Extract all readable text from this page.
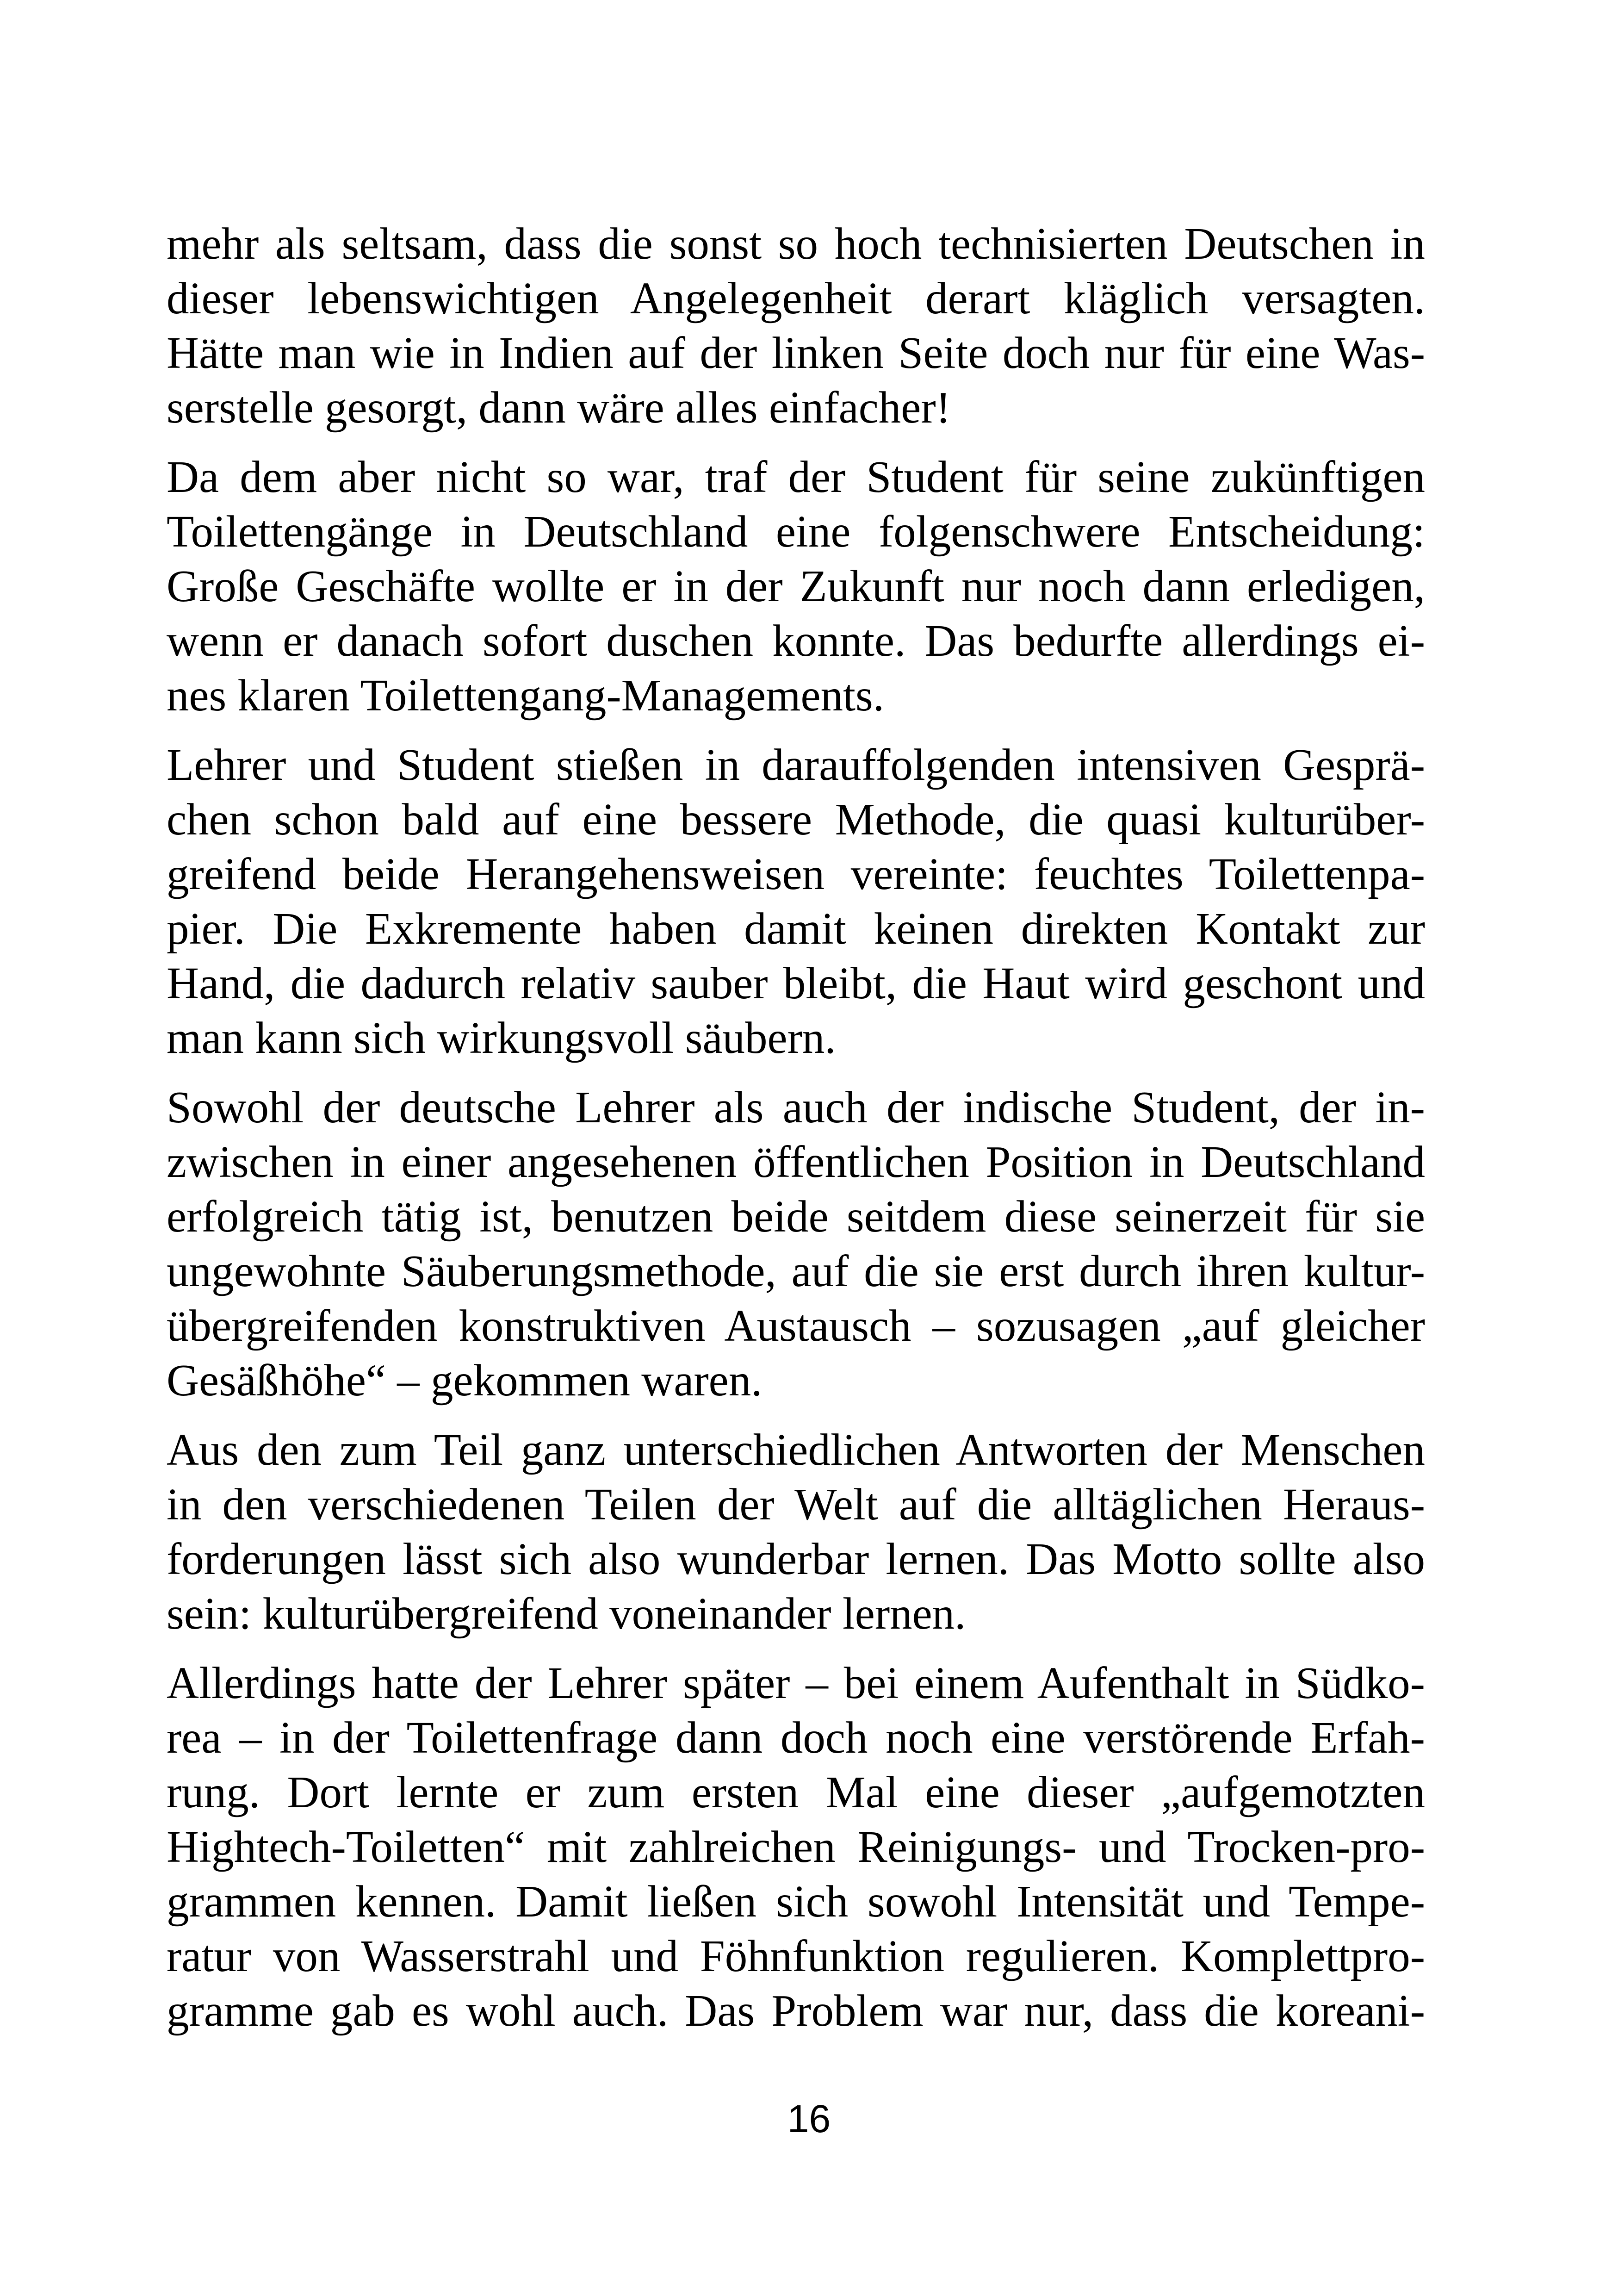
mehr als seltsam, dass die sonst so hoch technisierten Deutschen in
dieser lebenswichtigen Angelegenheit derart kläglich versagten.
Hätte man wie in Indien auf der linken Seite doch nur für eine Was-
serstelle gesorgt, dann wäre alles einfacher!
Da dem aber nicht so war, traf der Student für seine zukünftigen
Toilettengänge in Deutschland eine folgenschwere Entscheidung:
Große Geschäfte wollte er in der Zukunft nur noch dann erledigen,
wenn er danach sofort duschen konnte. Das bedurfte allerdings ei-
nes klaren Toilettengang-Managements.
Lehrer und Student stießen in darauffolgenden intensiven Gesprä-
chen schon bald auf eine bessere Methode, die quasi kulturüber-
greifend beide Herangehensweisen vereinte: feuchtes Toilettenpa-
pier. Die Exkremente haben damit keinen direkten Kontakt zur
Hand, die dadurch relativ sauber bleibt, die Haut wird geschont und
man kann sich wirkungsvoll säubern.
Sowohl der deutsche Lehrer als auch der indische Student, der in-
zwischen in einer angesehenen öffentlichen Position in Deutschland
erfolgreich tätig ist, benutzen beide seitdem diese seinerzeit für sie
ungewohnte Säuberungsmethode, auf die sie erst durch ihren kultur-
übergreifenden konstruktiven Austausch – sozusagen „auf gleicher
Gesäßhöhe“ – gekommen waren.
Aus den zum Teil ganz unterschiedlichen Antworten der Menschen
in den verschiedenen Teilen der Welt auf die alltäglichen Heraus-
forderungen lässt sich also wunderbar lernen. Das Motto sollte also
sein: kulturübergreifend voneinander lernen.
Allerdings hatte der Lehrer später – bei einem Aufenthalt in Südko-
rea – in der Toilettenfrage dann doch noch eine verstörende Erfah-
rung. Dort lernte er zum ersten Mal eine dieser „aufgemotzten
Hightech-Toiletten“ mit zahlreichen Reinigungs- und Trocken-pro-
grammen kennen. Damit ließen sich sowohl Intensität und Tempe-
ratur von Wasserstrahl und Föhnfunktion regulieren. Komplettpro-
gramme gab es wohl auch. Das Problem war nur, dass die koreani-
16
